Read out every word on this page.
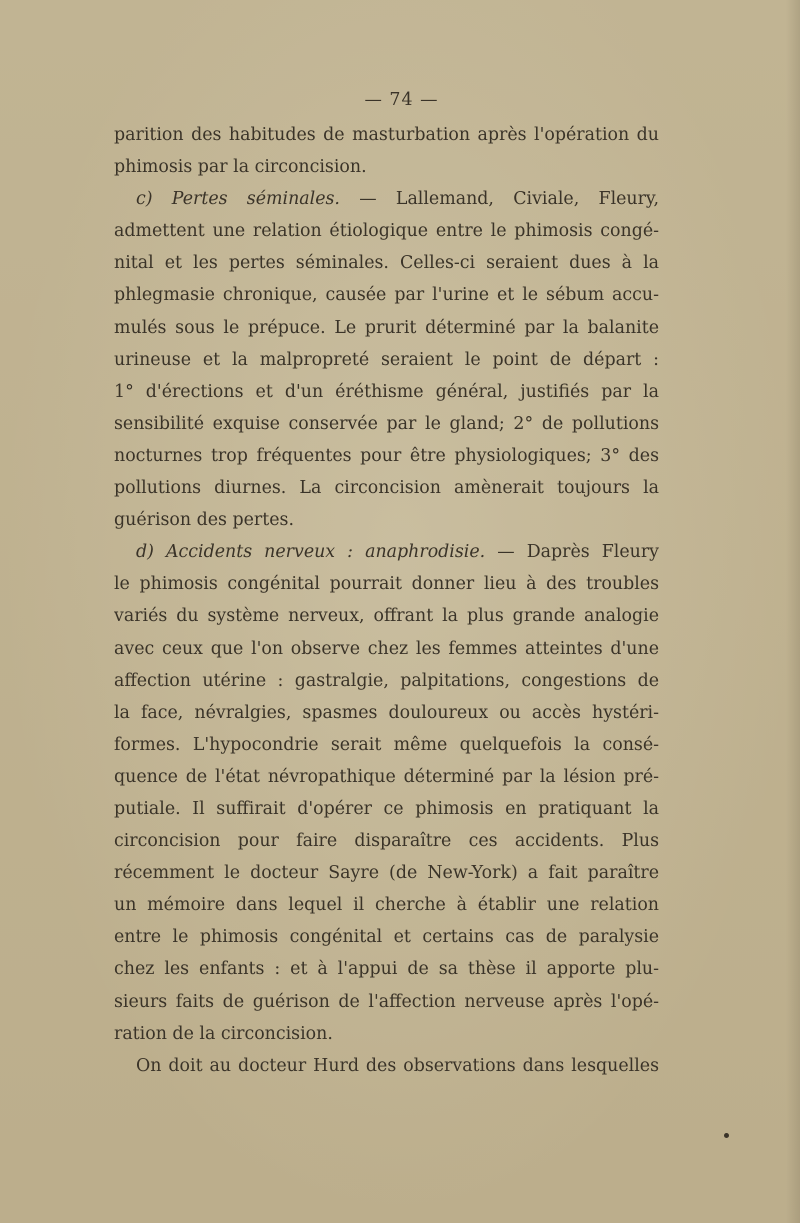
— 74 —
parition des habitudes de masturbation après l'opération du
phimosis par la circoncision.
c) Pertes séminales. — Lallemand, Civiale, Fleury,
admettent une relation étiologique entre le phimosis congé-
nital et les pertes séminales. Celles-ci seraient dues à la
phlegmasie chronique, causée par l'urine et le sébum accu-
mulés sous le prépuce. Le prurit déterminé par la balanite
urineuse et la malpropreté seraient le point de départ :
1° d'érections et d'un éréthisme général, justifiés par la
sensibilité exquise conservée par le gland; 2° de pollutions
nocturnes trop fréquentes pour être physiologiques; 3° des
pollutions diurnes. La circoncision amènerait toujours la
guérison des pertes.
d) Accidents nerveux : anaphrodisie. — Daprès Fleury
le phimosis congénital pourrait donner lieu à des troubles
variés du système nerveux, offrant la plus grande analogie
avec ceux que l'on observe chez les femmes atteintes d'une
affection utérine : gastralgie, palpitations, congestions de
la face, névralgies, spasmes douloureux ou accès hystéri-
formes. L'hypocondrie serait même quelquefois la consé-
quence de l'état névropathique déterminé par la lésion pré-
putiale. Il suffirait d'opérer ce phimosis en pratiquant la
circoncision pour faire disparaître ces accidents. Plus
récemment le docteur Sayre (de New-York) a fait paraître
un mémoire dans lequel il cherche à établir une relation
entre le phimosis congénital et certains cas de paralysie
chez les enfants : et à l'appui de sa thèse il apporte plu-
sieurs faits de guérison de l'affection nerveuse après l'opé-
ration de la circoncision.
On doit au docteur Hurd des observations dans lesquelles
